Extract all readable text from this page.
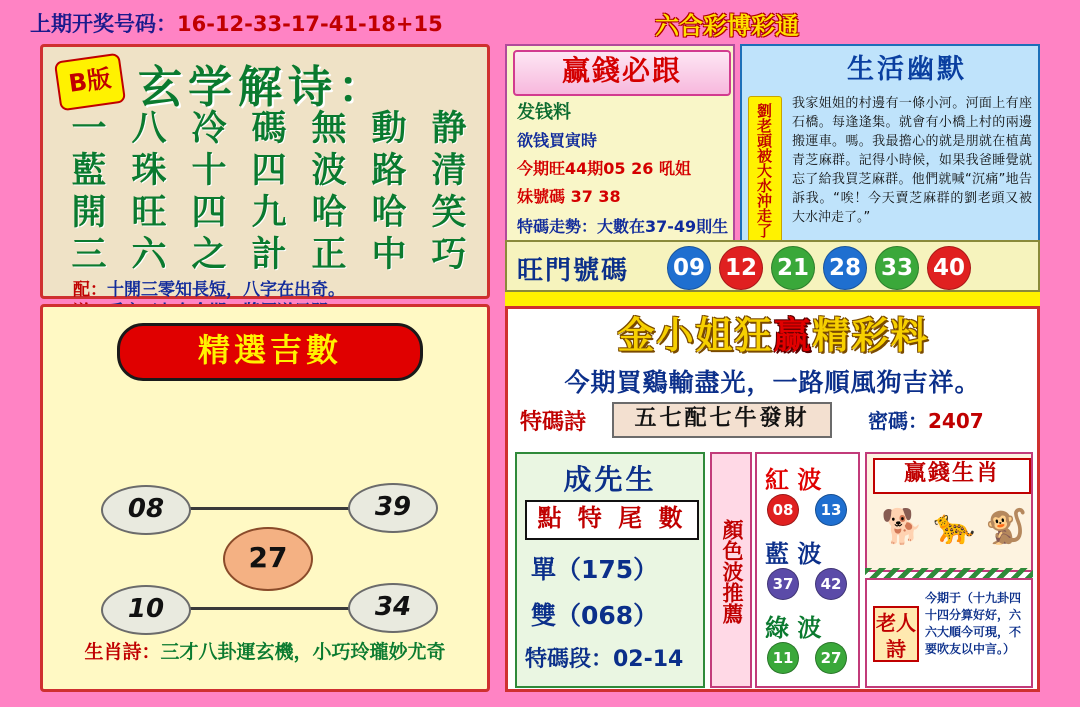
上期开奖号码：16-12-33-17-41-18+15	六合彩博彩通
B版 玄学解诗：
一 八 冷 碼 無 動 静
藍 珠 十 四 波 路 清
開 旺 四 九 哈 哈 笑
三 六 之 計 正 中 巧
配：十開三零知長短，八字在出奇。
精選吉數
08	39
27
10	34
生肖詩：三才八卦運玄機，小巧玲瓏妙尤奇
赢錢必跟
发钱料
欲钱買寅時
今期旺44期05 26 吼姐
妹號碼 37 38
特碼走勢：大數在37-49則生
生活幽默
劉老頭被大水沖走了	我家姐姐的村邊有一條小河。河面上有座石橋。每逢逢集。就會有小橋上村的兩邊搬運車。嗎。我最擔心的就是朋就在植萬青芝麻群。記得小時候，如果我爸睡覺就忘了給我買芝麻群。他們就喊“沉痛”地告訴我。“唉！今天賣芝麻群的劉老頭又被大水沖走了。”
旺門號碼 09 12 21 28 33 40
金小姐狂赢精彩料
今期買鷄輸盡光，一路順風狗吉祥。
特碼詩	五七配七牛發財	密碼：2407
成先生
點 特 尾 數
單（175）
雙（068）
特碼段：02-14
顏色波推薦
紅 波
08	13
藍 波
37	42
綠 波
11	27
赢錢生肖
🐕 🐆 🐒
老人詩
今期于（十九卦四十四分算好好，六六大順今可現，不要吹友以中言。）
